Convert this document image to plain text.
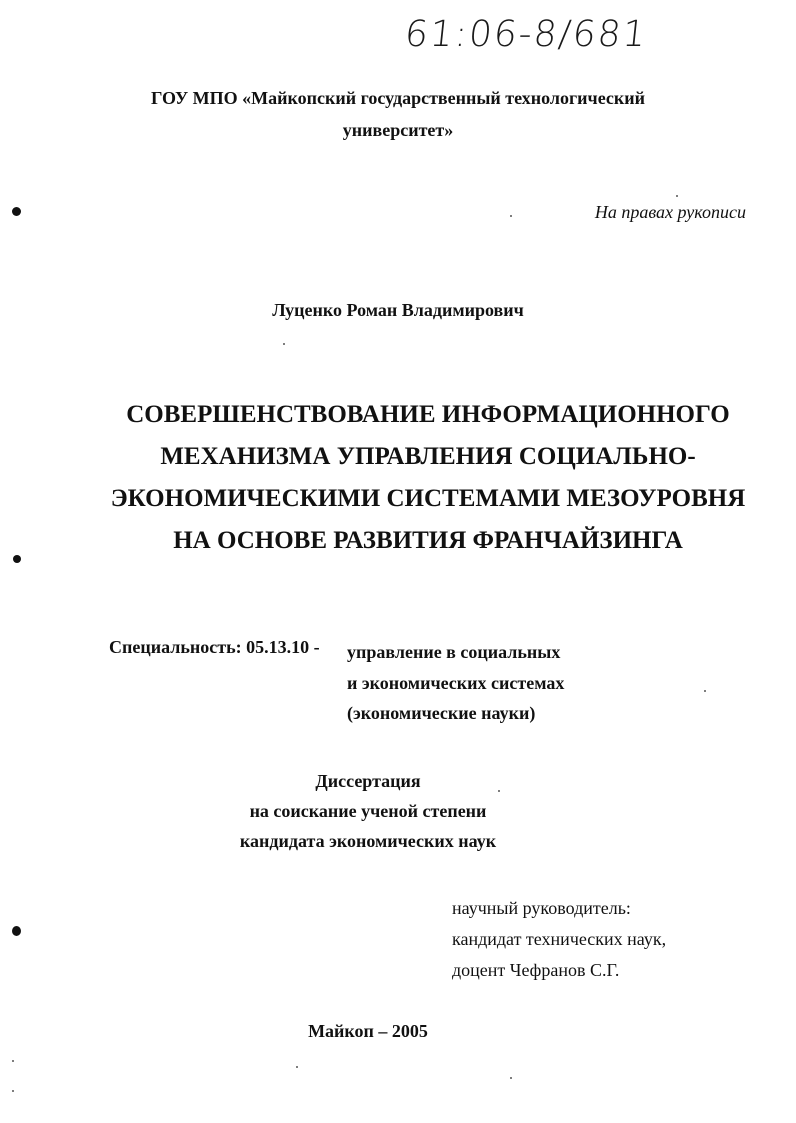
61:06-8/681
ГОУ МПО «Майкопский государственный технологический
университет»
На правах рукописи
Луценко Роман Владимирович
СОВЕРШЕНСТВОВАНИЕ ИНФОРМАЦИОННОГО
МЕХАНИЗМА УПРАВЛЕНИЯ СОЦИАЛЬНО-
ЭКОНОМИЧЕСКИМИ СИСТЕМАМИ МЕЗОУРОВНЯ
НА ОСНОВЕ РАЗВИТИЯ ФРАНЧАЙЗИНГА
Специальность: 05.13.10 - управление в социальных
и экономических системах
(экономические науки)
Диссертация
на соискание ученой степени
кандидата экономических наук
научный руководитель:
кандидат технических наук,
доцент Чефранов С.Г.
Майкоп – 2005
